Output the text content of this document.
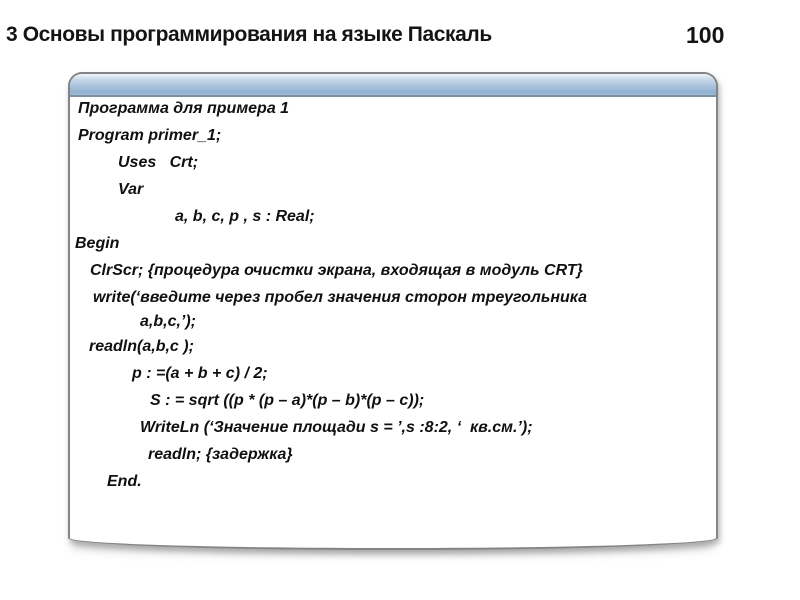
3 Основы программирования на языке Паскаль	100
Программа для примера 1
Program primer_1;
Uses   Crt;
Var
a, b, c, p , s : Real;
Begin
ClrScr; {процедура очистки экрана, входящая в модуль CRT}
write(‘введите через пробел значения сторон треугольника
a,b,c,’);
readln(a,b,c );
p : =(a + b + c) / 2;
S : = sqrt ((p * (p – a)*(p – b)*(p – c));
WriteLn (‘Значение площади s = ’,s :8:2, ‘  кв.см.’);
readln; {задержка}
End.
